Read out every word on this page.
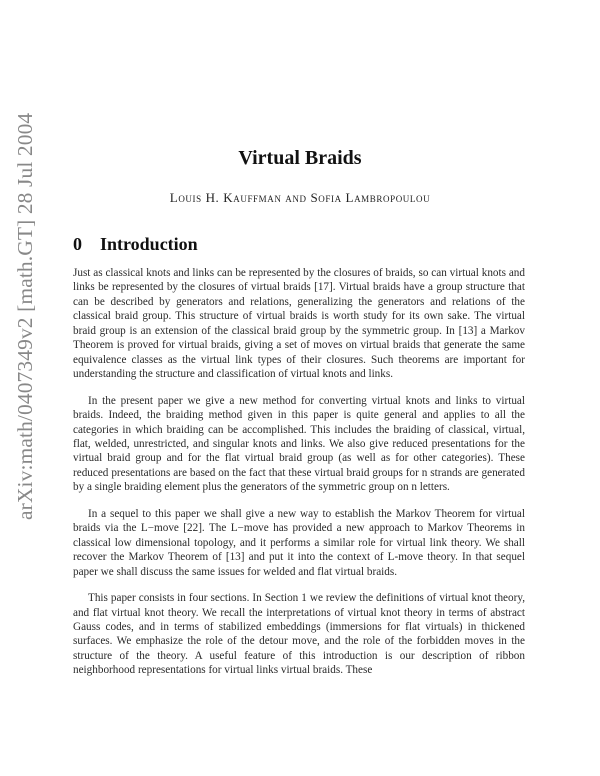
arXiv:math/0407349v2 [math.GT] 28 Jul 2004	Virtual Braids
Louis H. Kauffman and Sofia Lambropoulou
0 Introduction

Just as classical knots and links can be represented by the closures of braids, so can virtual knots and links be represented by the closures of virtual braids [17]. Virtual braids have a group structure that can be described by generators and relations, generalizing the generators and relations of the classical braid group. This structure of virtual braids is worth study for its own sake. The virtual braid group is an extension of the classical braid group by the symmetric group. In [13] a Markov Theorem is proved for virtual braids, giving a set of moves on virtual braids that generate the same equivalence classes as the virtual link types of their closures. Such theorems are important for understanding the structure and classification of virtual knots and links.

In the present paper we give a new method for converting virtual knots and links to virtual braids. Indeed, the braiding method given in this paper is quite general and applies to all the categories in which braiding can be accomplished. This includes the braiding of classical, virtual, flat, welded, unrestricted, and singular knots and links. We also give reduced presentations for the virtual braid group and for the flat virtual braid group (as well as for other categories). These reduced presentations are based on the fact that these virtual braid groups for n strands are generated by a single braiding element plus the generators of the symmetric group on n letters.

In a sequel to this paper we shall give a new way to establish the Markov Theorem for virtual braids via the L−move [22]. The L−move has provided a new approach to Markov Theorems in classical low dimensional topology, and it performs a similar role for virtual link theory. We shall recover the Markov Theorem of [13] and put it into the context of L-move theory. In that sequel paper we shall discuss the same issues for welded and flat virtual braids.

This paper consists in four sections. In Section 1 we review the definitions of virtual knot theory, and flat virtual knot theory. We recall the interpretations of virtual knot theory in terms of abstract Gauss codes, and in terms of stabilized embeddings (immersions for flat virtuals) in thickened surfaces. We emphasize the role of the detour move, and the role of the forbidden moves in the structure of the theory. A useful feature of this introduction is our description of ribbon neighborhood representations for virtual links virtual braids. These
